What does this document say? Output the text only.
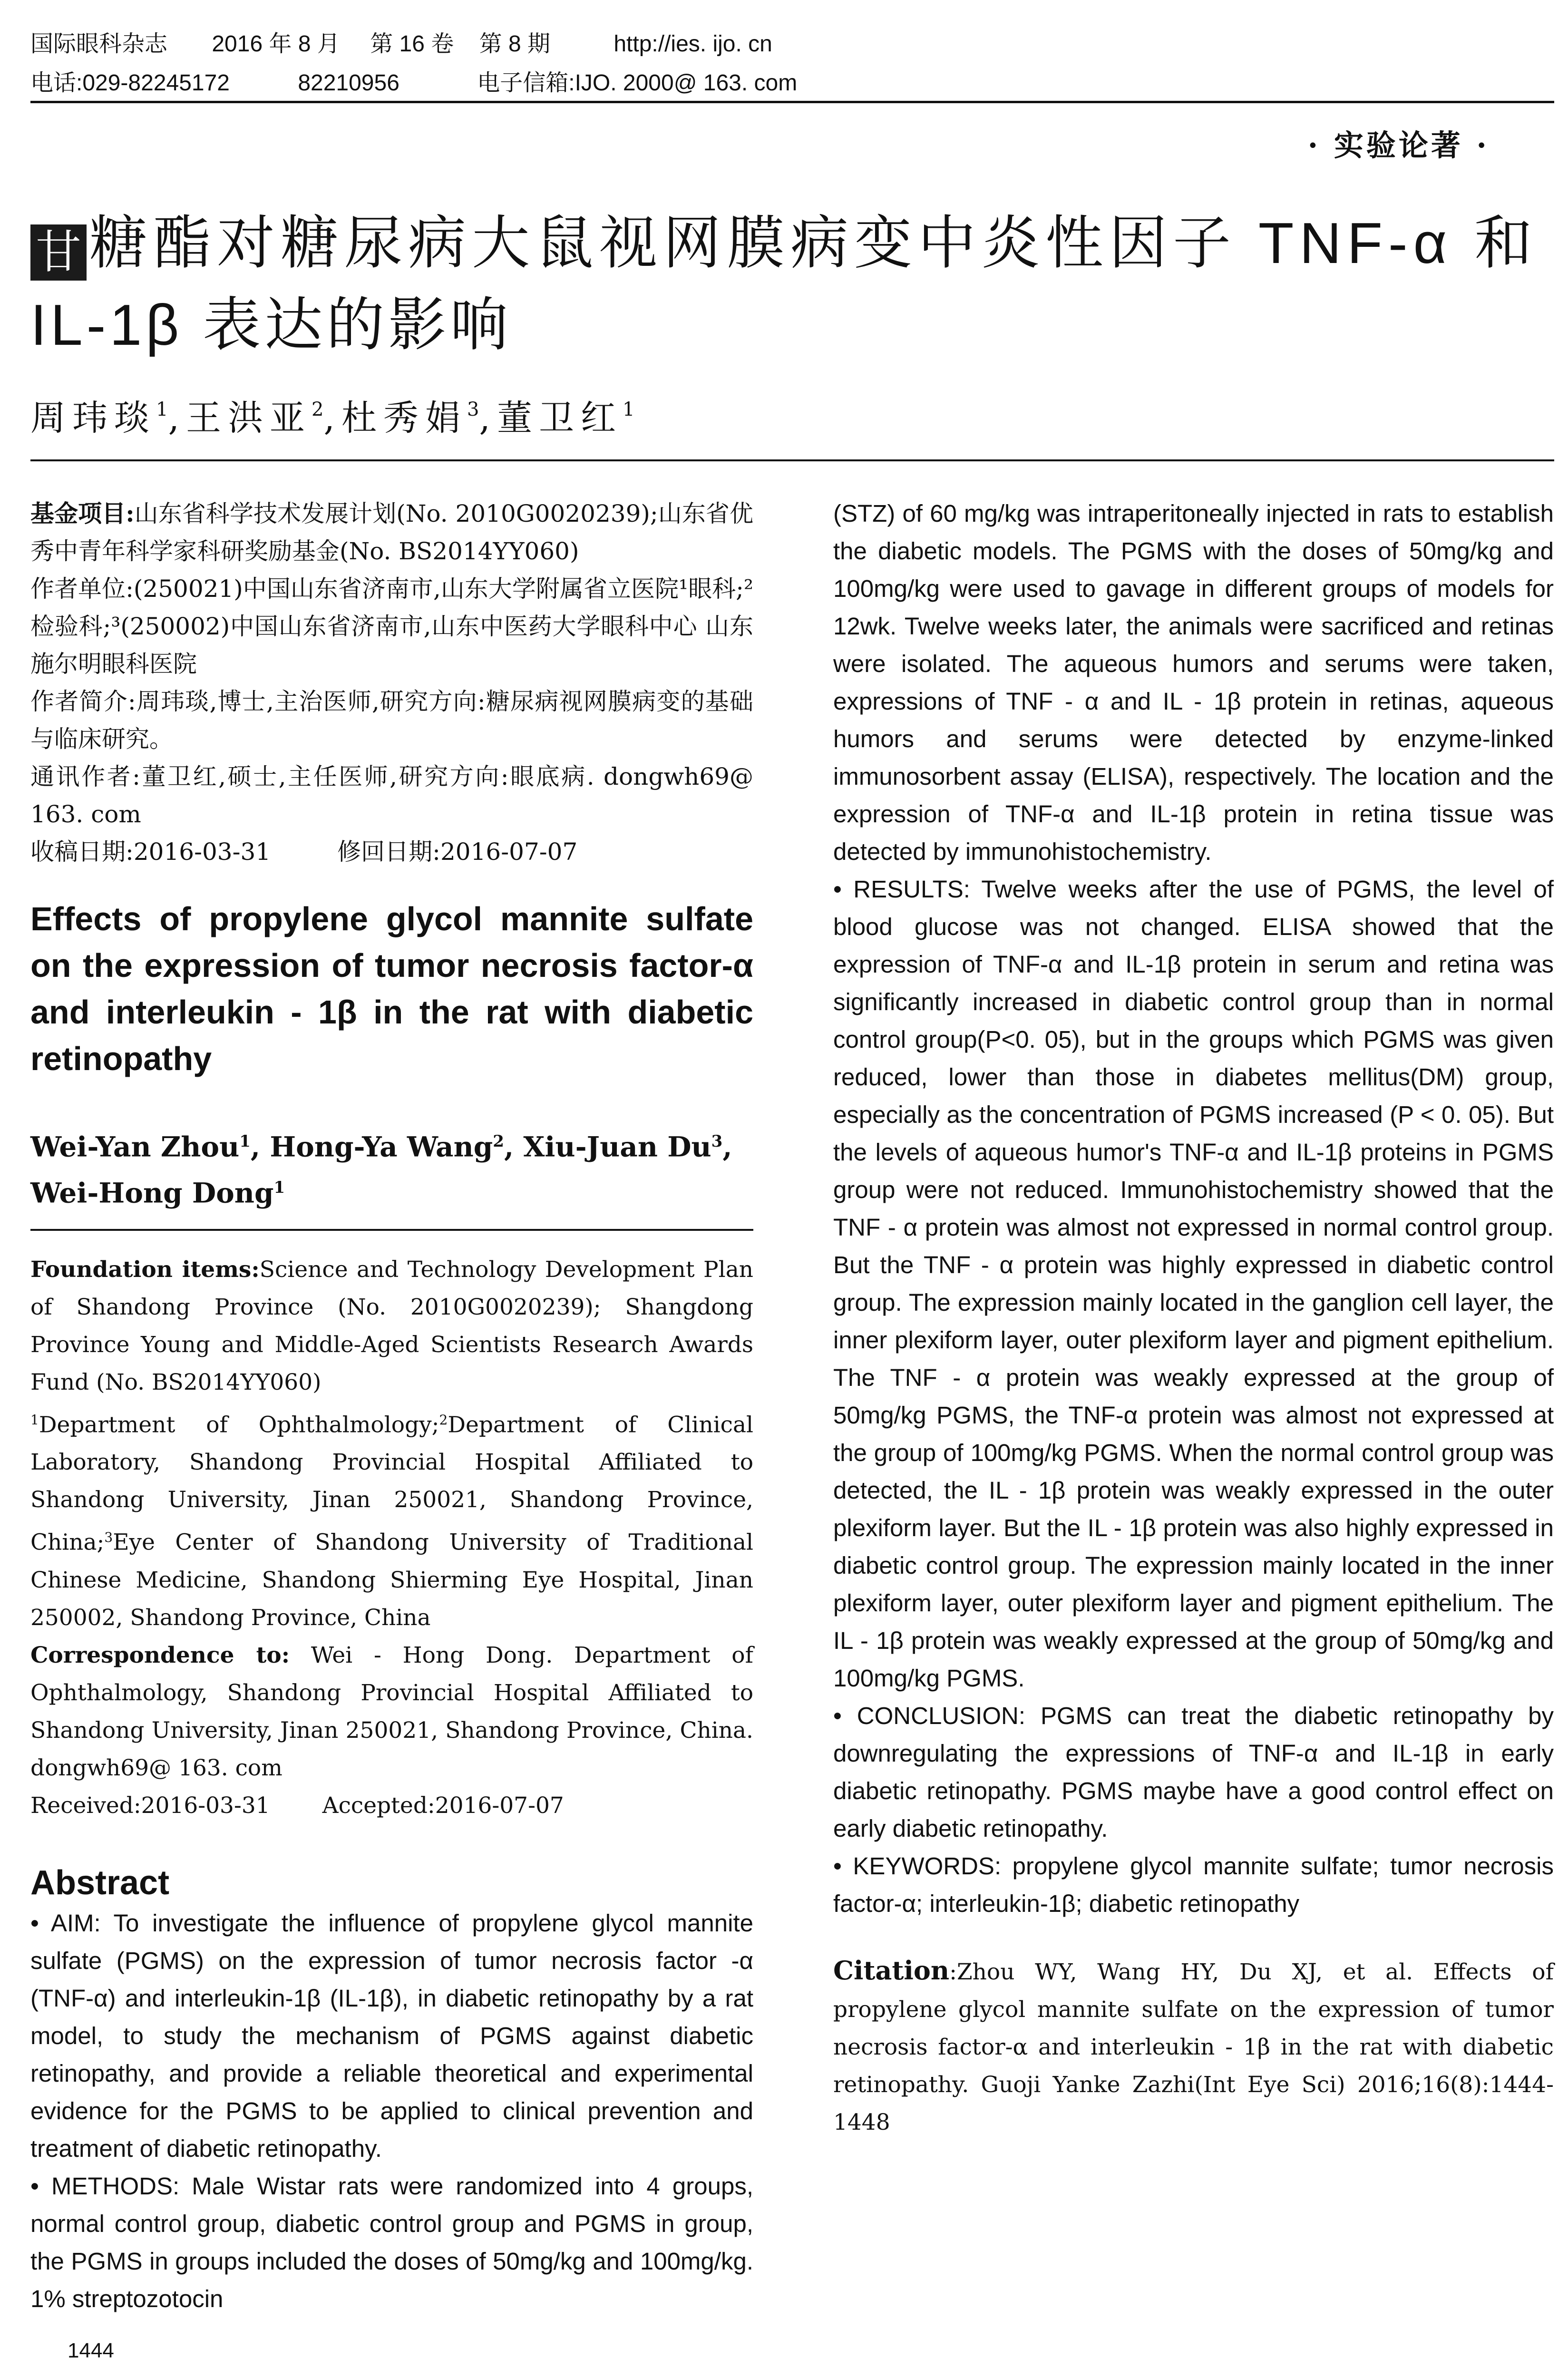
国际眼科杂志 2016 年 8 月 第 16 卷 第 8 期	http://ies. ijo. cn
电话:029-82245172	82210956	电子信箱:IJO. 2000@ 163. com
· 实验论著 ·
甘 糖酯对糖尿病大鼠视网膜病变中炎性因子 TNF-α 和
IL-1β 表达的影响
周玮琰$^1$,王洪亚$^2$,杜秀娟$^3$,董卫红$^1$

基金项目:山东省科学技术发展计划(No. 2010G0020239);山东省优秀中青年科学家科研奖励基金(No. BS2014YY060)

作者单位:(250021)中国山东省济南市,山东大学附属省立医院¹眼科;²检验科;³(250002)中国山东省济南市,山东中医药大学眼科中心 山东施尔明眼科医院

作者简介:周玮琰,博士,主治医师,研究方向:糖尿病视网膜病变的基础与临床研究。

通讯作者:董卫红,硕士,主任医师,研究方向:眼底病. dongwh69@ 163. com

收稿日期:2016-03-31	修回日期:2016-07-07

Effects of propylene glycol mannite sulfate on the expression of tumor necrosis factor-α and interleukin - 1β in the rat with diabetic retinopathy
Wei-Yan Zhou$^1$, Hong-Ya Wang$^2$, Xiu-Juan Du$^3$,
Wei-Hong Dong$^1$

Foundation items:Science and Technology Development Plan of Shandong Province (No. 2010G0020239); Shangdong Province Young and Middle-Aged Scientists Research Awards Fund (No. BS2014YY060)

$^1$Department of Ophthalmology;$^2$Department of Clinical Laboratory, Shandong Provincial Hospital Affiliated to Shandong University, Jinan 250021, Shandong Province, China;$^3$Eye Center of Shandong University of Traditional Chinese Medicine, Shandong Shierming Eye Hospital, Jinan 250002, Shandong Province, China

Correspondence to: Wei - Hong Dong. Department of Ophthalmology, Shandong Provincial Hospital Affiliated to Shandong University, Jinan 250021, Shandong Province, China. dongwh69@ 163. com

Received:2016-03-31 Accepted:2016-07-07

Abstract

• AIM: To investigate the influence of propylene glycol mannite sulfate (PGMS) on the expression of tumor necrosis factor -α (TNF-α) and interleukin-1β (IL-1β), in diabetic retinopathy by a rat model, to study the mechanism of PGMS against diabetic retinopathy, and provide a reliable theoretical and experimental evidence for the PGMS to be applied to clinical prevention and treatment of diabetic retinopathy.

• METHODS: Male Wistar rats were randomized into 4 groups, normal control group, diabetic control group and PGMS in group, the PGMS in groups included the doses of 50mg/kg and 100mg/kg. 1% streptozotocin

(STZ) of 60 mg/kg was intraperitoneally injected in rats to establish the diabetic models. The PGMS with the doses of 50mg/kg and 100mg/kg were used to gavage in different groups of models for 12wk. Twelve weeks later, the animals were sacrificed and retinas were isolated. The aqueous humors and serums were taken, expressions of TNF - α and IL - 1β protein in retinas, aqueous humors and serums were detected by enzyme-linked immunosorbent assay (ELISA), respectively. The location and the expression of TNF-α and IL-1β protein in retina tissue was detected by immunohistochemistry.

• RESULTS: Twelve weeks after the use of PGMS, the level of blood glucose was not changed. ELISA showed that the expression of TNF-α and IL-1β protein in serum and retina was significantly increased in diabetic control group than in normal control group(P<0. 05), but in the groups which PGMS was given reduced, lower than those in diabetes mellitus(DM) group, especially as the concentration of PGMS increased (P < 0. 05). But the levels of aqueous humor's TNF-α and IL-1β proteins in PGMS group were not reduced. Immunohistochemistry showed that the TNF - α protein was almost not expressed in normal control group. But the TNF - α protein was highly expressed in diabetic control group. The expression mainly located in the ganglion cell layer, the inner plexiform layer, outer plexiform layer and pigment epithelium. The TNF - α protein was weakly expressed at the group of 50mg/kg PGMS, the TNF-α protein was almost not expressed at the group of 100mg/kg PGMS. When the normal control group was detected, the IL - 1β protein was weakly expressed in the outer plexiform layer. But the IL - 1β protein was also highly expressed in diabetic control group. The expression mainly located in the inner plexiform layer, outer plexiform layer and pigment epithelium. The IL - 1β protein was weakly expressed at the group of 50mg/kg and 100mg/kg PGMS.

• CONCLUSION: PGMS can treat the diabetic retinopathy by downregulating the expressions of TNF-α and IL-1β in early diabetic retinopathy. PGMS maybe have a good control effect on early diabetic retinopathy.

• KEYWORDS: propylene glycol mannite sulfate; tumor necrosis factor-α; interleukin-1β; diabetic retinopathy

Citation:Zhou WY, Wang HY, Du XJ, et al. Effects of propylene glycol mannite sulfate on the expression of tumor necrosis factor-α and interleukin - 1β in the rat with diabetic retinopathy. Guoji Yanke Zazhi(Int Eye Sci) 2016;16(8):1444-1448
1444
